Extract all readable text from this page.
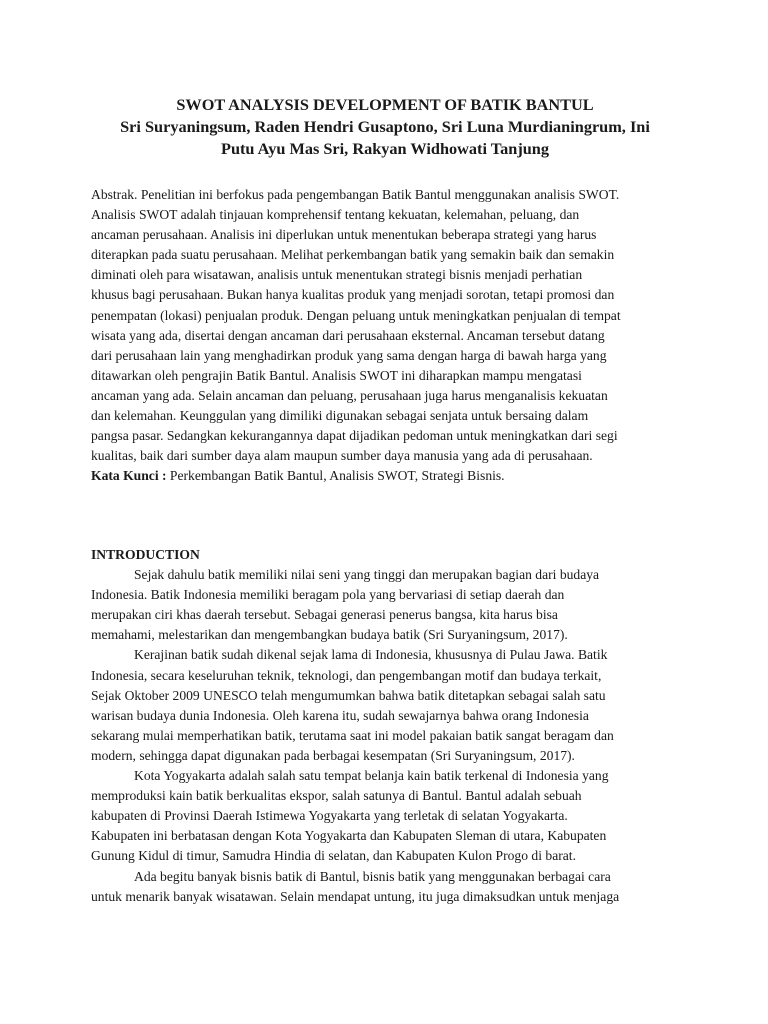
SWOT ANALYSIS DEVELOPMENT OF BATIK BANTUL
Sri Suryaningsum, Raden Hendri Gusaptono, Sri Luna Murdianingrum, Ini
Putu Ayu Mas Sri, Rakyan Widhowati Tanjung
Abstrak. Penelitian ini berfokus pada pengembangan Batik Bantul menggunakan analisis SWOT.
Analisis SWOT adalah tinjauan komprehensif tentang kekuatan, kelemahan, peluang, dan
ancaman perusahaan. Analisis ini diperlukan untuk menentukan beberapa strategi yang harus
diterapkan pada suatu perusahaan. Melihat perkembangan batik yang semakin baik dan semakin
diminati oleh para wisatawan, analisis untuk menentukan strategi bisnis menjadi perhatian
khusus bagi perusahaan. Bukan hanya kualitas produk yang menjadi sorotan, tetapi promosi dan
penempatan (lokasi) penjualan produk. Dengan peluang untuk meningkatkan penjualan di tempat
wisata yang ada, disertai dengan ancaman dari perusahaan eksternal. Ancaman tersebut datang
dari perusahaan lain yang menghadirkan produk yang sama dengan harga di bawah harga yang
ditawarkan oleh pengrajin Batik Bantul. Analisis SWOT ini diharapkan mampu mengatasi
ancaman yang ada. Selain ancaman dan peluang, perusahaan juga harus menganalisis kekuatan
dan kelemahan. Keunggulan yang dimiliki digunakan sebagai senjata untuk bersaing dalam
pangsa pasar. Sedangkan kekurangannya dapat dijadikan pedoman untuk meningkatkan dari segi
kualitas, baik dari sumber daya alam maupun sumber daya manusia yang ada di perusahaan.
Kata Kunci : Perkembangan Batik Bantul, Analisis SWOT, Strategi Bisnis.
INTRODUCTION
Sejak dahulu batik memiliki nilai seni yang tinggi dan merupakan bagian dari budaya
Indonesia. Batik Indonesia memiliki beragam pola yang bervariasi di setiap daerah dan
merupakan ciri khas daerah tersebut. Sebagai generasi penerus bangsa, kita harus bisa
memahami, melestarikan dan mengembangkan budaya batik (Sri Suryaningsum, 2017).
Kerajinan batik sudah dikenal sejak lama di Indonesia, khususnya di Pulau Jawa. Batik
Indonesia, secara keseluruhan teknik, teknologi, dan pengembangan motif dan budaya terkait,
Sejak Oktober 2009 UNESCO telah mengumumkan bahwa batik ditetapkan sebagai salah satu
warisan budaya dunia Indonesia. Oleh karena itu, sudah sewajarnya bahwa orang Indonesia
sekarang mulai memperhatikan batik, terutama saat ini model pakaian batik sangat beragam dan
modern, sehingga dapat digunakan pada berbagai kesempatan (Sri Suryaningsum, 2017).
Kota Yogyakarta adalah salah satu tempat belanja kain batik terkenal di Indonesia yang
memproduksi kain batik berkualitas ekspor, salah satunya di Bantul. Bantul adalah sebuah
kabupaten di Provinsi Daerah Istimewa Yogyakarta yang terletak di selatan Yogyakarta.
Kabupaten ini berbatasan dengan Kota Yogyakarta dan Kabupaten Sleman di utara, Kabupaten
Gunung Kidul di timur, Samudra Hindia di selatan, dan Kabupaten Kulon Progo di barat.
Ada begitu banyak bisnis batik di Bantul, bisnis batik yang menggunakan berbagai cara
untuk menarik banyak wisatawan. Selain mendapat untung, itu juga dimaksudkan untuk menjaga
